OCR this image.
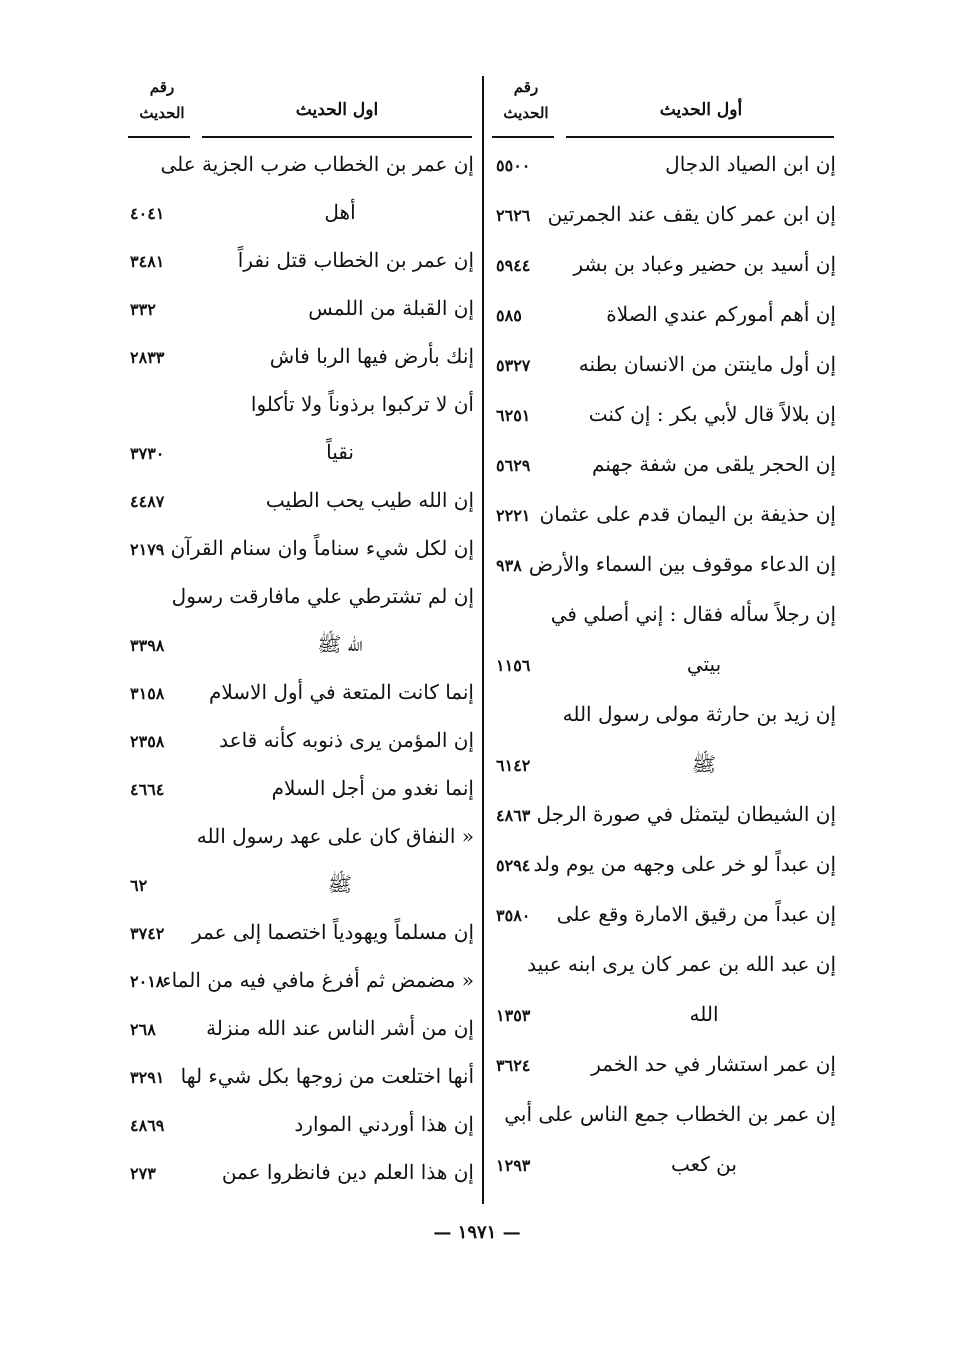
رقم الحديث	أول الحديث
إن ابن الصياد الدجال
٥٥٠٠
إن ابن عمر كان يقف عند الجمرتين
٢٦٢٦
إن أسيد بن حضير وعباد بن بشر
٥٩٤٤
إن أهم أموركم عندي الصلاة
٥٨٥
إن أول ماينتن من الانسان بطنه
٥٣٢٧
إن بلالاً قال لأبي بكر : إن كنت
٦٢٥١
إن الحجر يلقى من شفة جهنم
٥٦٢٩
إن حذيفة بن اليمان قدم على عثمان
٢٢٢١
إن الدعاء موقوف بين السماء والأرض
٩٣٨
إن رجلاً سأله فقال : إني أصلي في
بيتي
١١٥٦
إن زيد بن حارثة مولى رسول الله
ﷺ
٦١٤٢
إن الشيطان ليتمثل في صورة الرجل
٤٨٦٣
إن عبداً لو خر على وجهه من يوم ولد
٥٢٩٤
إن عبداً من رقيق الامارة وقع على
٣٥٨٠
إن عبد الله بن عمر كان يرى ابنه عبيد
الله
١٣٥٣
إن عمر استشار في حد الخمر
٣٦٢٤
إن عمر بن الخطاب جمع الناس على أبي
بن كعب
١٢٩٣
رقم الحديث	اول الحديث
إن عمر بن الخطاب ضرب الجزية على
أهل
٤٠٤١
إن عمر بن الخطاب قتل نفراً
٣٤٨١
إن القبلة من اللمس
٣٣٢
إنك بأرض فيها الربا فاش
٢٨٣٣
أن لا تركبوا برذوناً ولا تأكلوا
نقياً
٣٧٣٠
إن الله طيب يحب الطيب
٤٤٨٧
إن لكل شيء سناماً وان سنام القرآن
٢١٧٩
إن لم تشترطي علي مافارقت رسول
الله ﷺ
٣٣٩٨
إنما كانت المتعة في أول الاسلام
٣١٥٨
إن المؤمن يرى ذنوبه كأنه قاعد
٢٣٥٨
إنما نغدو من أجل السلام
٤٦٦٤
« النفاق كان على عهد رسول الله
ﷺ
٦٢
إن مسلماً ويهودياً اختصما إلى عمر
٣٧٤٢
« مضمض ثم أفرغ مافي فيه من الماء
٢٠١٨
إن من أشر الناس عند الله منزلة
٢٦٨
أنها اختلعت من زوجها بكل شيء لها
٣٢٩١
إن هذا أوردني الموارد
٤٨٦٩
إن هذا العلم دين فانظروا عمن
٢٧٣
— ١٩٧١ —
